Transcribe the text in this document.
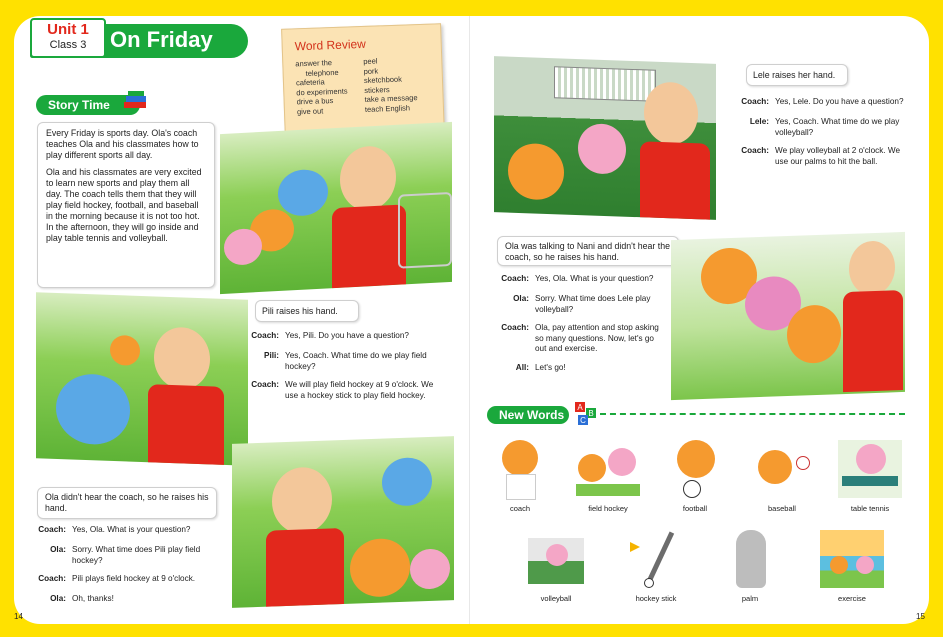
Unit 1
Class 3	On Friday	Word Review
answer the
telephone
cafeteria
do experiments
drive a bus
give out
peel
pork
sketchbook
stickers
take a message
teach English
Story Time

Every Friday is sports day. Ola's coach teaches Ola and his classmates how to play different sports all day.

Ola and his classmates are very excited to learn new sports and play them all day. The coach tells them that they will play field hockey, football, and baseball in the morning because it is not too hot. In the afternoon, they will go inside and play table tennis and volleyball.

Pili raises his hand.
Coach: Yes, Pili. Do you have a question?
Pili: Yes, Coach. What time do we play field hockey?
Coach: We will play field hockey at 9 o'clock. We use a hockey stick to play field hockey.
Ola didn't hear the coach, so he raises his hand.
Coach: Yes, Ola. What is your question?
Ola: Sorry. What time does Pili play field hockey?
Coach: Pili plays field hockey at 9 o'clock.
Ola: Oh, thanks!
Lele raises her hand.
Coach: Yes, Lele. Do you have a question?
Lele: Yes, Coach. What time do we play volleyball?
Coach: We play volleyball at 2 o'clock. We use our palms to hit the ball.
Ola was talking to Nani and didn't hear the coach, so he raises his hand.
Coach: Yes, Ola. What is your question?
Ola: Sorry. What time does Lele play volleyball?
Coach: Ola, pay attention and stop asking so many questions. Now, let's go out and exercise.
All: Let's go!
New Words
A
B
C
coach	field hockey	football	baseball	table tennis
volleyball	hockey stick	palm	exercise
14	15
